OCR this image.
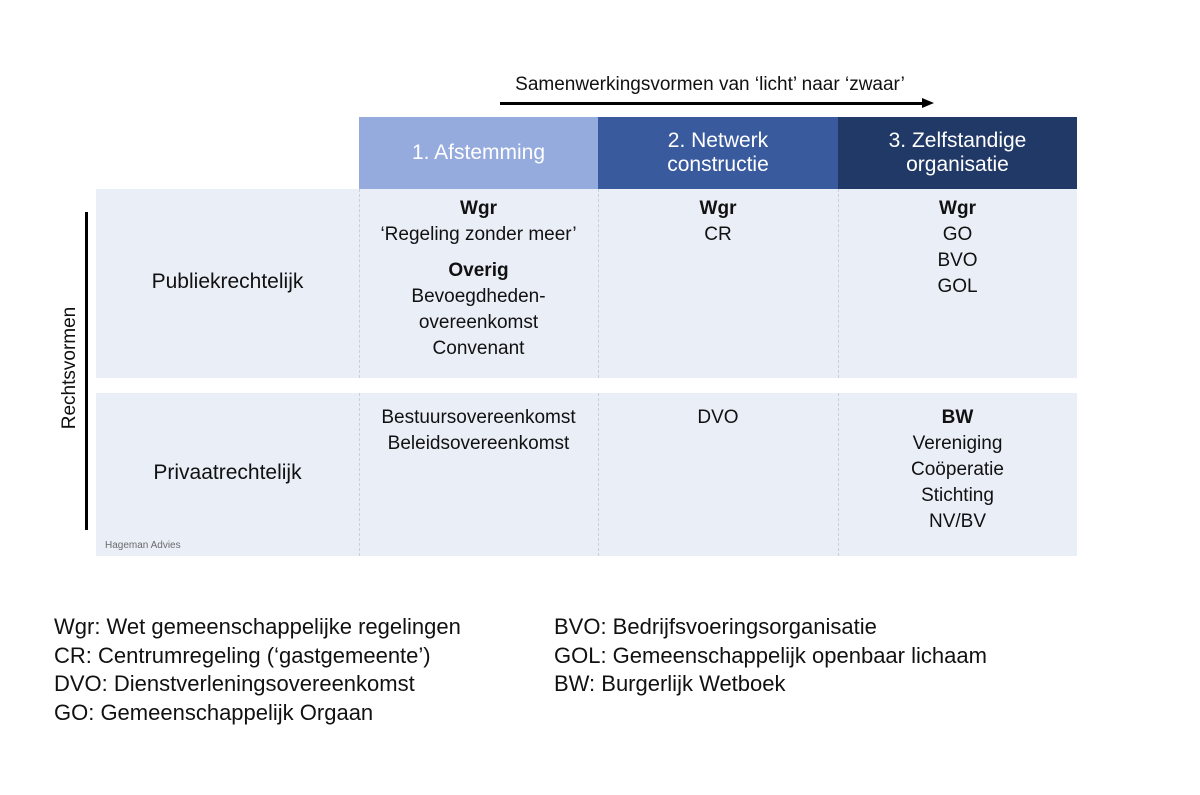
Samenwerkingsvormen van ‘licht’ naar ‘zwaar’
1. Afstemming
2. Netwerk
constructie
3. Zelfstandige
organisatie
Publiekrechtelijk
Privaatrechtelijk
Wgr
‘Regeling zonder meer’
Overig
Bevoegdheden-
overeenkomst
Convenant
Wgr
CR
Wgr
GO
BVO
GOL
Bestuursovereenkomst
Beleidsovereenkomst
DVO	BW
Vereniging
Coöperatie
Stichting
NV/BV
Rechtsvormen
Hageman Advies
Wgr: Wet gemeenschappelijke regelingen
CR: Centrumregeling (‘gastgemeente’)
DVO: Dienstverleningsovereenkomst
GO: Gemeenschappelijk Orgaan
BVO: Bedrijfsvoeringsorganisatie
GOL: Gemeenschappelijk openbaar lichaam
BW: Burgerlijk Wetboek
